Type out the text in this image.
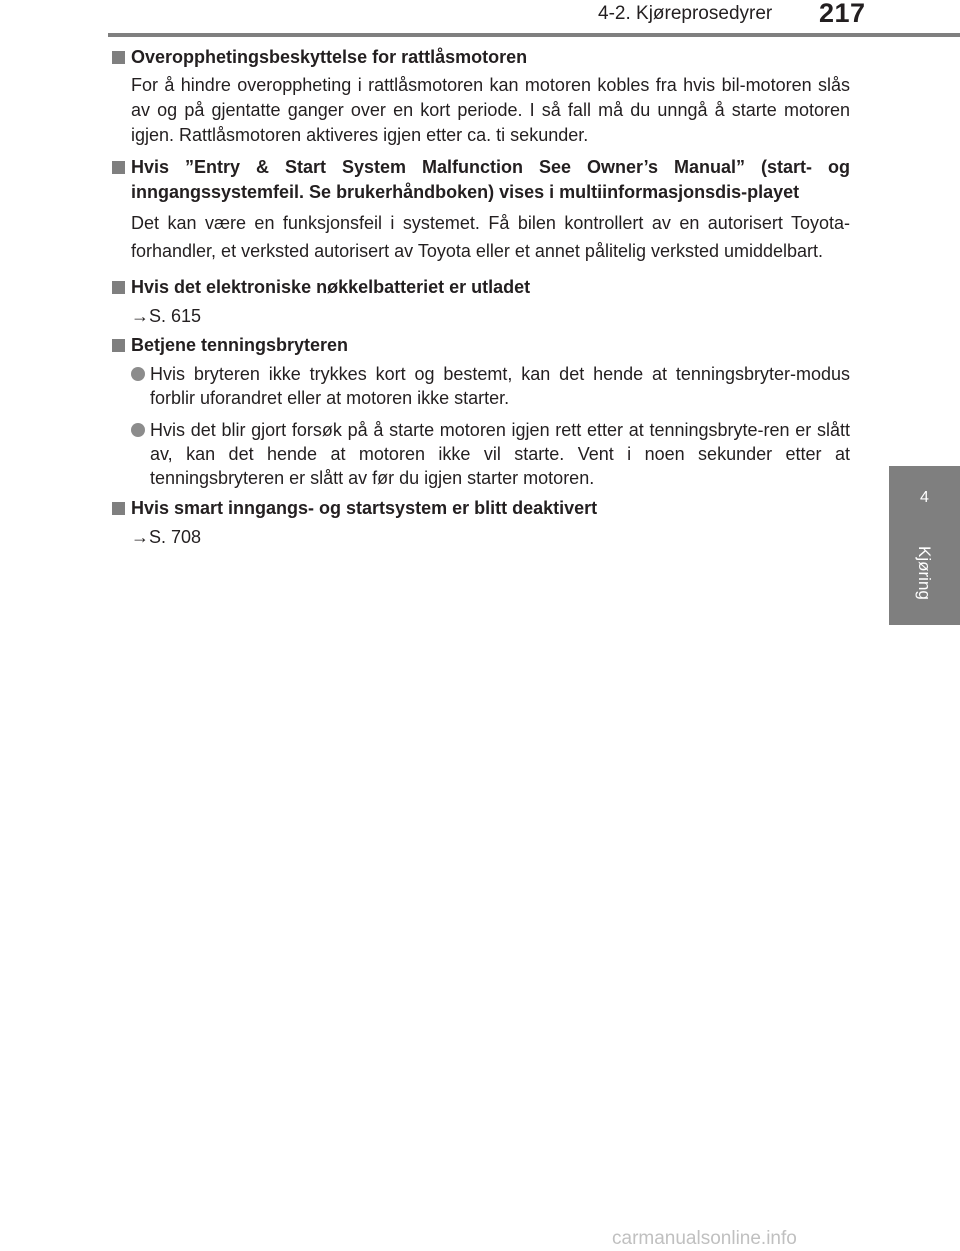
4-2. Kjøreprosedyrer 217
4
Kjøring
Overopphetingsbeskyttelse for rattlåsmotoren
For å hindre overoppheting i rattlåsmotoren kan motoren kobles fra hvis bil-motoren slås av og på gjentatte ganger over en kort periode. I så fall må du unngå å starte motoren igjen. Rattlåsmotoren aktiveres igjen etter ca. ti sekunder.
Hvis ”Entry & Start System Malfunction See Owner’s Manual” (start- og inngangssystemfeil. Se brukerhåndboken) vises i multiinformasjonsdis-playet
Det kan være en funksjonsfeil i systemet. Få bilen kontrollert av en autorisert Toyota-forhandler, et verksted autorisert av Toyota eller et annet pålitelig verksted umiddelbart.
Hvis det elektroniske nøkkelbatteriet er utladet
→S. 615
Betjene tenningsbryteren
Hvis bryteren ikke trykkes kort og bestemt, kan det hende at tenningsbryter-modus forblir uforandret eller at motoren ikke starter.
Hvis det blir gjort forsøk på å starte motoren igjen rett etter at tenningsbryte-ren er slått av, kan det hende at motoren ikke vil starte. Vent i noen sekunder etter at tenningsbryteren er slått av før du igjen starter motoren.
Hvis smart inngangs- og startsystem er blitt deaktivert
→S. 708
carmanualsonline.info
